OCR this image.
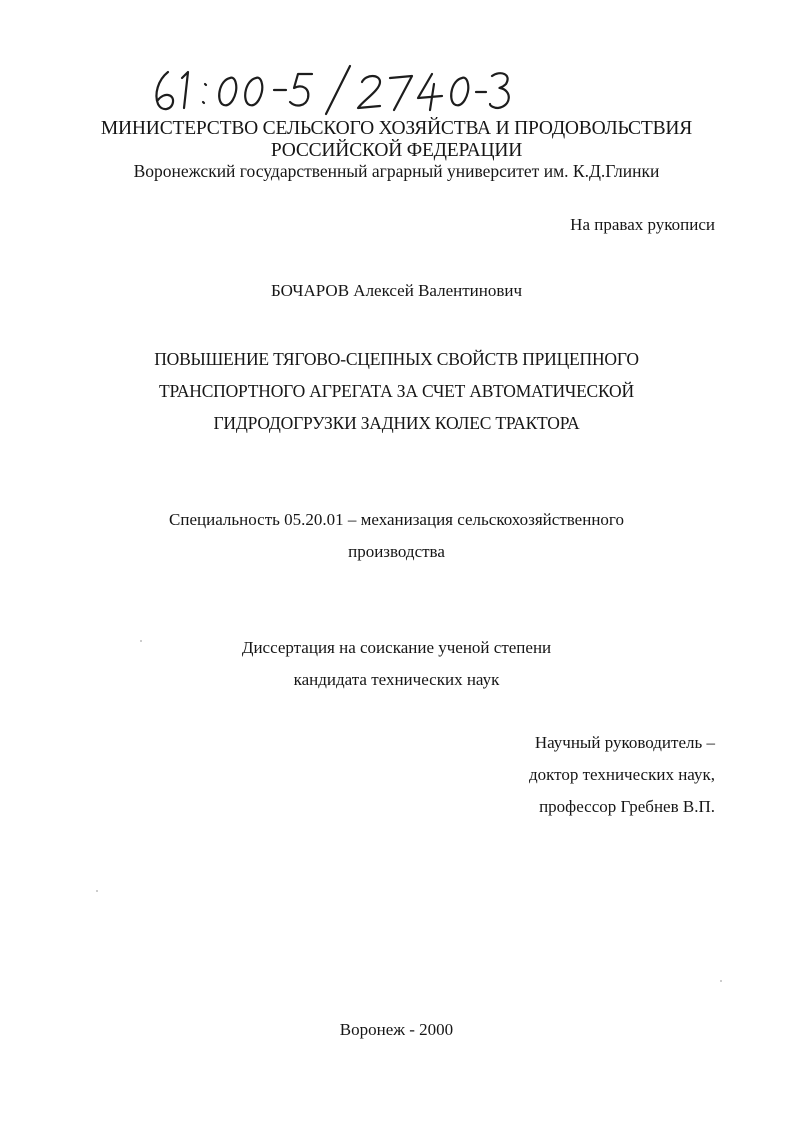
МИНИСТЕРСТВО СЕЛЬСКОГО ХОЗЯЙСТВА И ПРОДОВОЛЬСТВИЯ
РОССИЙСКОЙ ФЕДЕРАЦИИ
Воронежский государственный аграрный университет им. К.Д.Глинки
На правах рукописи
БОЧАРОВ Алексей Валентинович
ПОВЫШЕНИЕ ТЯГОВО-СЦЕПНЫХ СВОЙСТВ ПРИЦЕПНОГО
ТРАНСПОРТНОГО АГРЕГАТА ЗА СЧЕТ АВТОМАТИЧЕСКОЙ
ГИДРОДОГРУЗКИ ЗАДНИХ КОЛЕС ТРАКТОРА
Специальность 05.20.01 – механизация сельскохозяйственного
производства
Диссертация на соискание ученой степени
кандидата технических наук
Научный руководитель –
доктор технических наук,
профессор Гребнев В.П.
Воронеж - 2000
